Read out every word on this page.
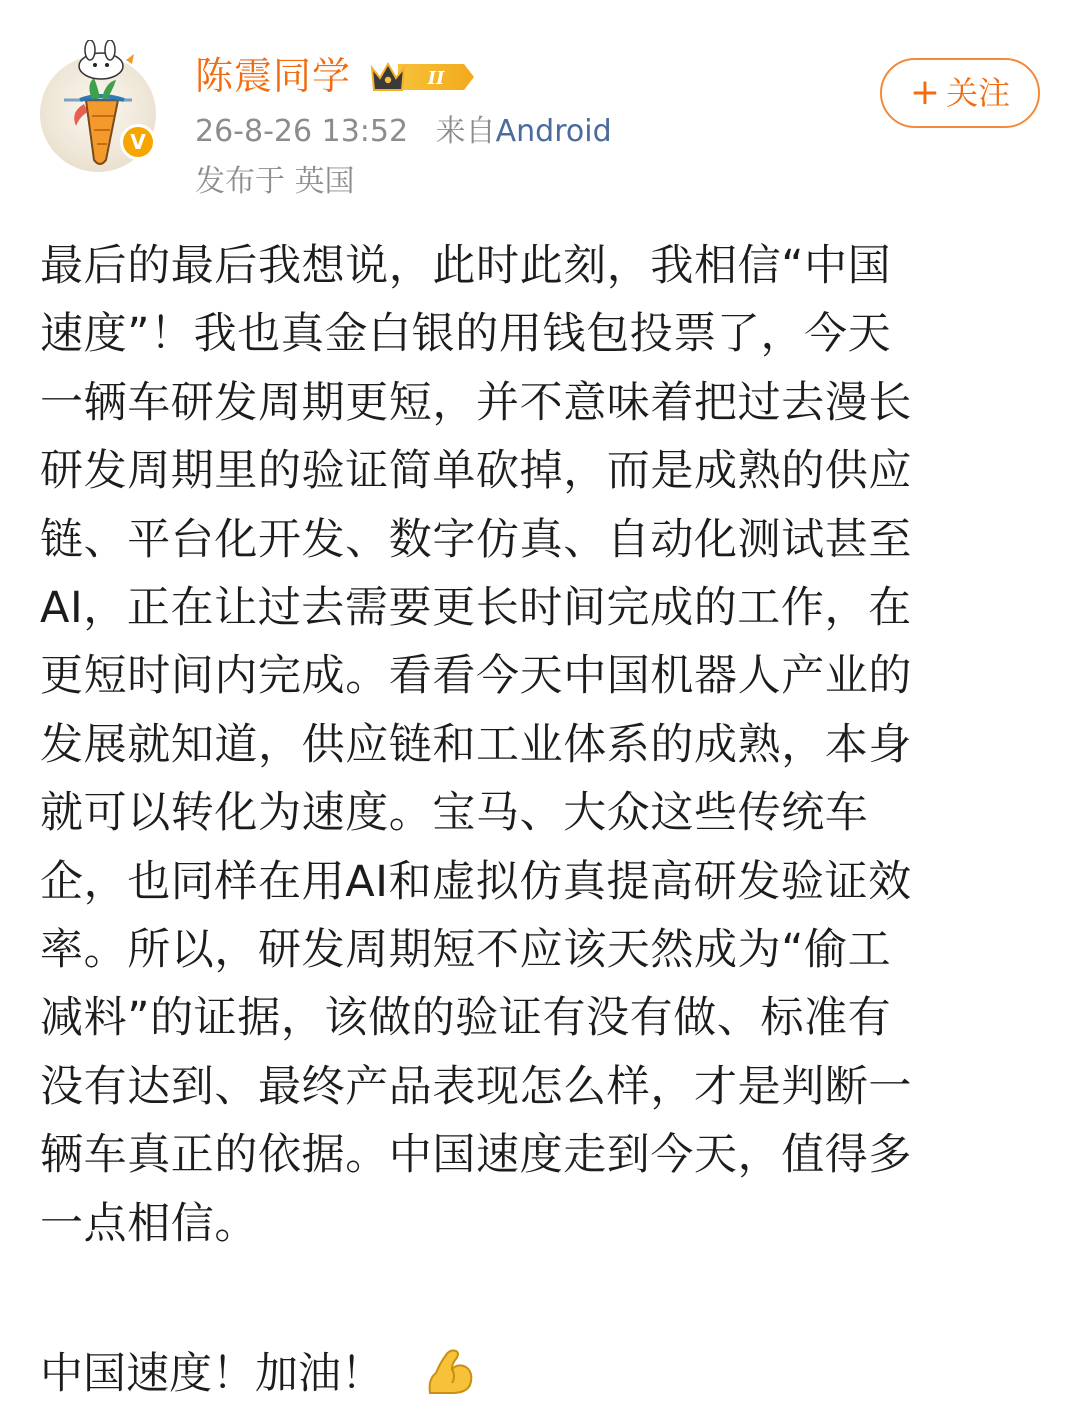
V
陈震同学	II
26-8-26 13:52 来自Android
发布于 英国
+ 关注
最后的最后我想说，此时此刻，我相信“中国
速度”！我也真金白银的用钱包投票了，今天
一辆车研发周期更短，并不意味着把过去漫长
研发周期里的验证简单砍掉，而是成熟的供应
链、平台化开发、数字仿真、自动化测试甚至
AI，正在让过去需要更长时间完成的工作，在
更短时间内完成。看看今天中国机器人产业的
发展就知道，供应链和工业体系的成熟，本身
就可以转化为速度。宝马、大众这些传统车
企，也同样在用AI和虚拟仿真提高研发验证效
率。所以，研发周期短不应该天然成为“偷工
减料”的证据，该做的验证有没有做、标准有
没有达到、最终产品表现怎么样，才是判断一
辆车真正的依据。中国速度走到今天，值得多
一点相信。
中国速度！加油！
